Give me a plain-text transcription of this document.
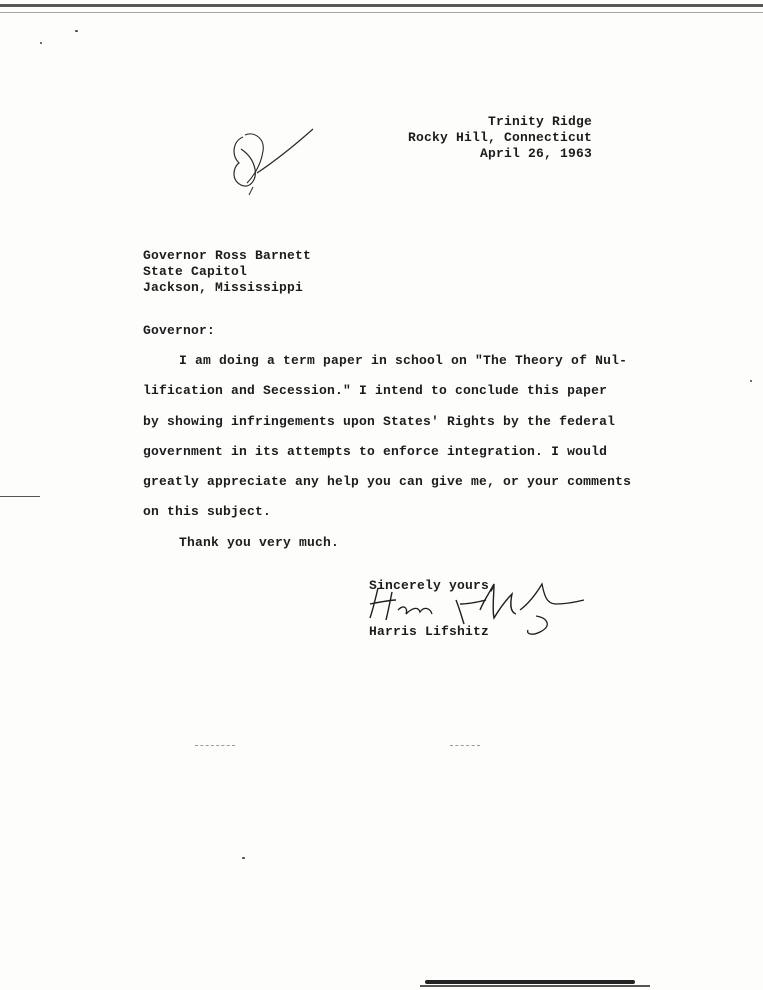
Trinity Ridge
Rocky Hill, Connecticut
April 26, 1963
Governor Ross Barnett
State Capitol
Jackson, Mississippi
Governor:
I am doing a term paper in school on "The Theory of Nul-
lification and Secession." I intend to conclude this paper
by showing infringements upon States' Rights by the federal
government in its attempts to enforce integration. I would
greatly appreciate any help you can give me, or your comments
on this subject.
Thank you very much.
Sincerely yours,
Harris Lifshitz
